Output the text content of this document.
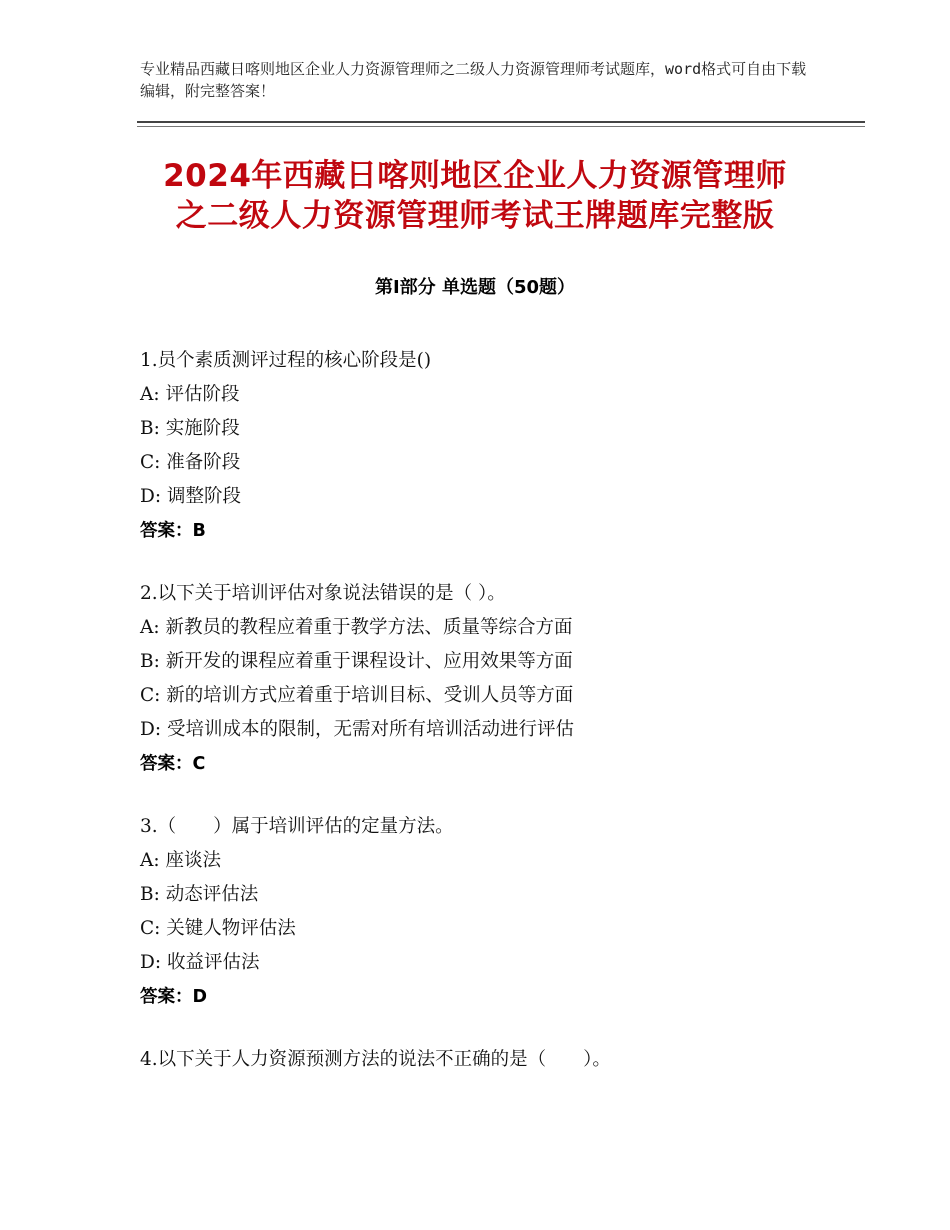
专业精品西藏日喀则地区企业人力资源管理师之二级人力资源管理师考试题库，word格式可自由下载编辑，附完整答案！
2024年西藏日喀则地区企业人力资源管理师
之二级人力资源管理师考试王牌题库完整版
第Ⅰ部分 单选题（50题）
1.员个素质测评过程的核心阶段是()
A: 评估阶段
B: 实施阶段
C: 准备阶段
D: 调整阶段
答案：B
2.以下关于培训评估对象说法错误的是（ ）。
A: 新教员的教程应着重于教学方法、质量等综合方面
B: 新开发的课程应着重于课程设计、应用效果等方面
C: 新的培训方式应着重于培训目标、受训人员等方面
D: 受培训成本的限制，无需对所有培训活动进行评估
答案：C
3.（　　）属于培训评估的定量方法。
A: 座谈法
B: 动态评估法
C: 关键人物评估法
D: 收益评估法
答案：D
4.以下关于人力资源预测方法的说法不正确的是（　　）。
